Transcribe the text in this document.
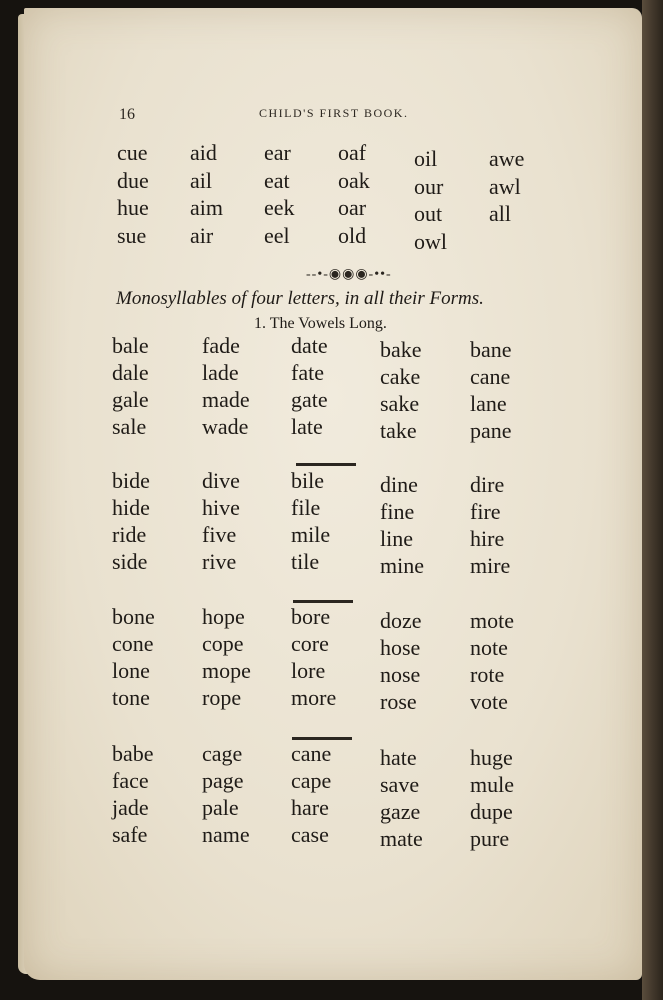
16	CHILD'S FIRST BOOK.
cue aid ear oaf oil awe
due ail eat oak our awl
hue aim eek oar out all
sue air eel old owl
‐‐•‐◉◉◉‐••‐
Monosyllables of four letters, in all their Forms.
1. The Vowels Long.
bale fade date bake bane
dale lade fate	cake cane
gale made gate sake lane
sale	wade late	take pane
bide dive bile	dine dire
hide hive file	fine	fire
ride	five mile line	hire
side rive tile	mine mire
bone hope bore doze mote
cone cope core hose note
lone mope lore nose rote
tone rope more rose vote
babe cage cane hate huge
face page cape save mule
jade pale hare gaze dupe
safe name case mate pure
